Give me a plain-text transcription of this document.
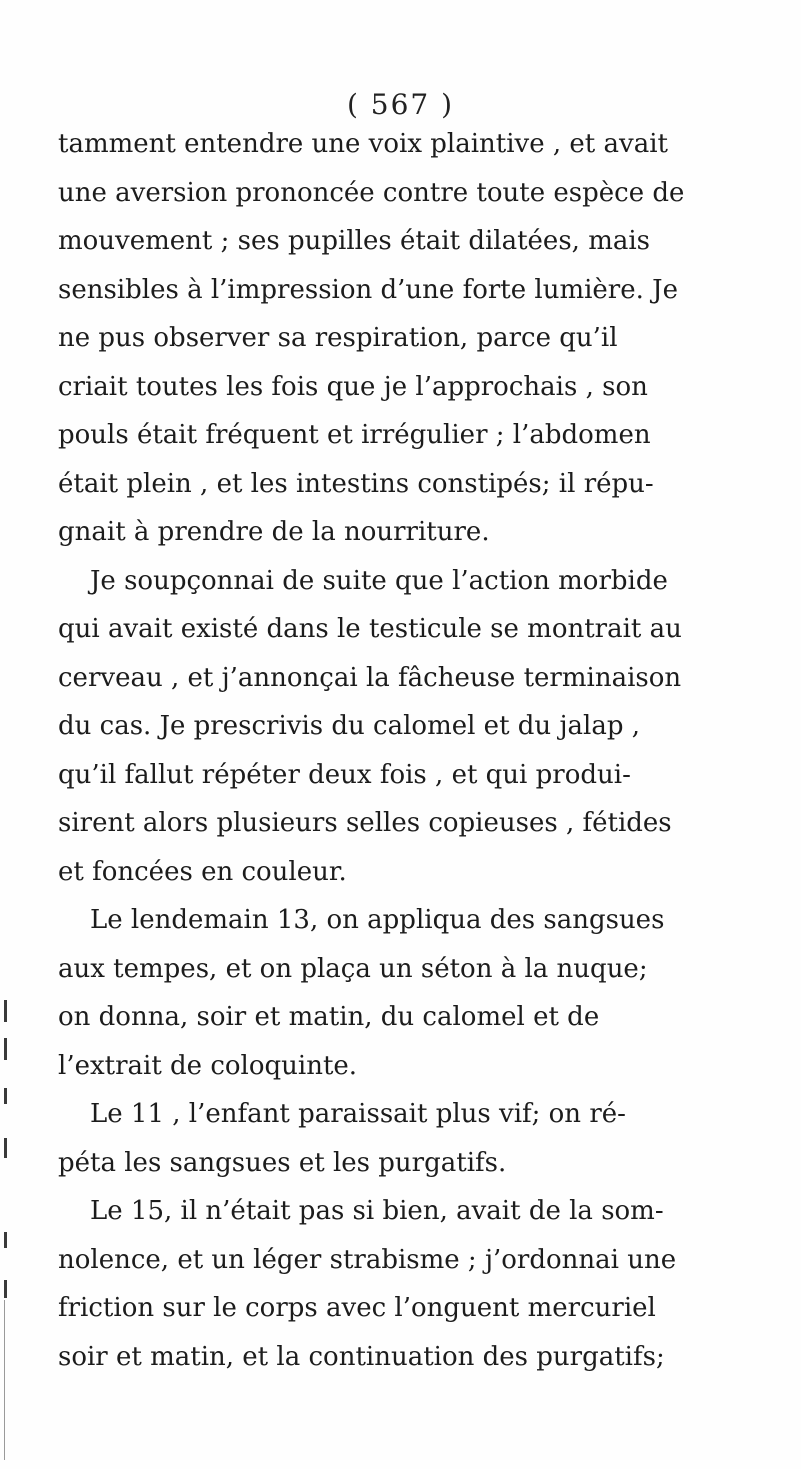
( 567 )
tamment entendre une voix plaintive , et avait
une aversion prononcée contre toute espèce de
mouvement ; ses pupilles était dilatées, mais
sensibles à l’impression d’une forte lumière. Je
ne pus observer sa respiration, parce qu’il
criait toutes les fois que je l’approchais , son
pouls était fréquent et irrégulier ; l’abdomen
était plein , et les intestins constipés; il répu-
gnait à prendre de la nourriture.
Je soupçonnai de suite que l’action morbide
qui avait existé dans le testicule se montrait au
cerveau , et j’annonçai la fâcheuse terminaison
du cas. Je prescrivis du calomel et du jalap ,
qu’il fallut répéter deux fois , et qui produi-
sirent alors plusieurs selles copieuses , fétides
et foncées en couleur.
Le lendemain 13, on appliqua des sangsues
aux tempes, et on plaça un séton à la nuque;
on donna, soir et matin, du calomel et de
l’extrait de coloquinte.
Le 11 , l’enfant paraissait plus vif; on ré-
péta les sangsues et les purgatifs.
Le 15, il n’était pas si bien, avait de la som-
nolence, et un léger strabisme ; j’ordonnai une
friction sur le corps avec l’onguent mercuriel
soir et matin, et la continuation des purgatifs;
